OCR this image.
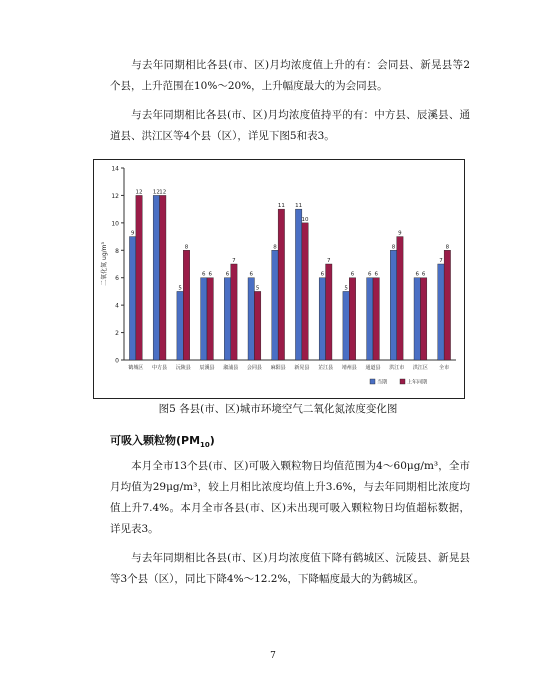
与去年同期相比各县(市、区)月均浓度值上升的有：会同县、新晃县等2个县，上升范围在10%～20%，上升幅度最大的为会同县。

与去年同期相比各县(市、区)月均浓度值持平的有：中方县、辰溪县、通道县、洪江区等4个县（区），详见下图5和表3。

0
2
4
6
8
10
12
14
二氧化氮 ug/m³
9
12
鹤城区
12 12
中方县
5
8
沅陵县
6 6
辰溪县
6
7
溆浦县
6
5
会同县
8
11
麻阳县
11
10
新晃县
6
7
芷江县
5
6
靖州县
6 6
通道县
8
9
洪江市
6 6
洪江区
7
8
全市
当期	上年同期
图5 各县(市、区)城市环境空气二氧化氮浓度变化图
可吸入颗粒物$(PM_{10})$

本月全市13个县(市、区)可吸入颗粒物日均值范围为4～60μg/m³，全市月均值为29μg/m³，较上月相比浓度均值上升3.6%，与去年同期相比浓度均值上升7.4%。本月全市各县(市、区)未出现可吸入颗粒物日均值超标数据，详见表3。

与去年同期相比各县(市、区)月均浓度值下降有鹤城区、沅陵县、新晃县等3个县（区），同比下降4%～12.2%，下降幅度最大的为鹤城区。

7
